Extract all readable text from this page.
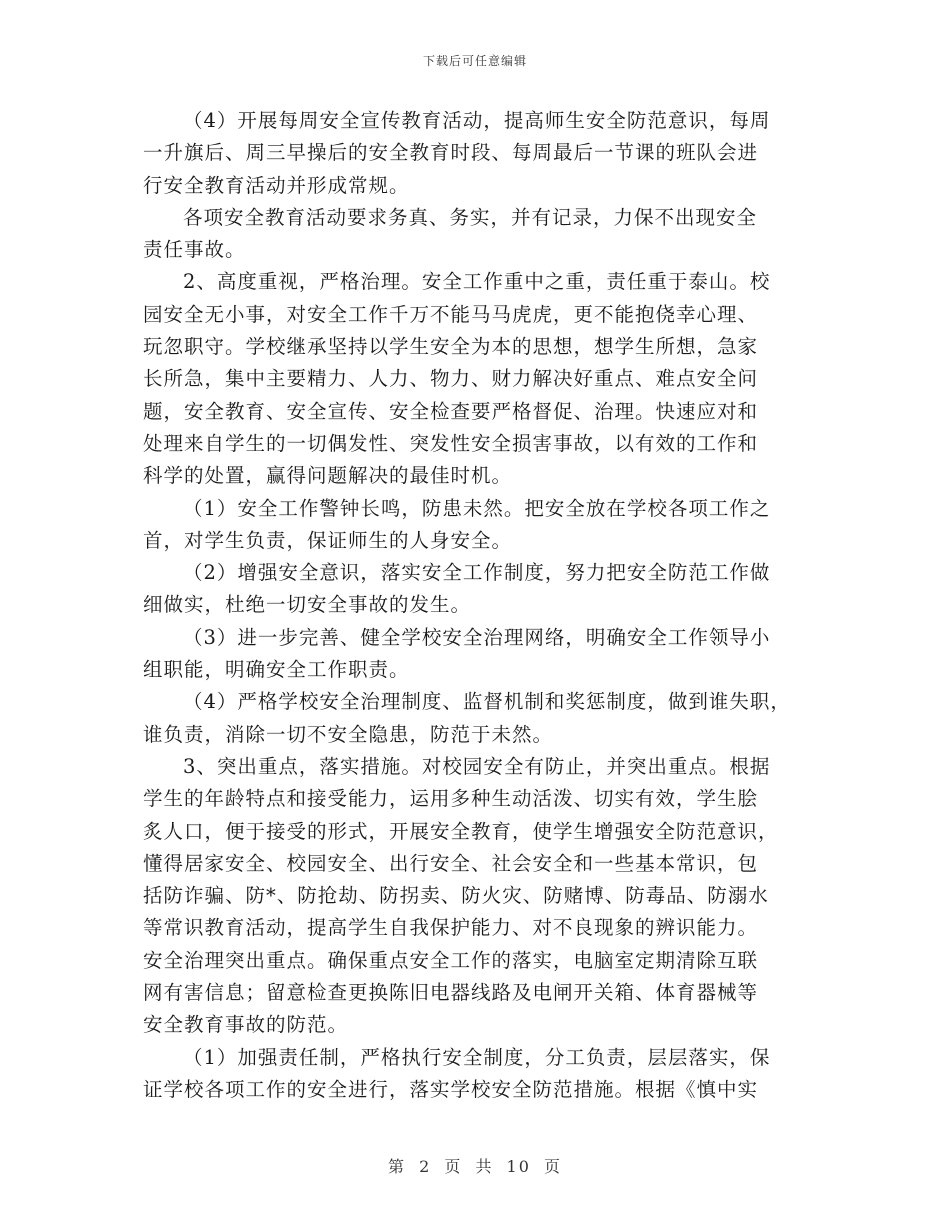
下载后可任意编辑
（4）开展每周安全宣传教育活动，提高师生安全防范意识，每周
一升旗后、周三早操后的安全教育时段、每周最后一节课的班队会进
行安全教育活动并形成常规。
各项安全教育活动要求务真、务实，并有记录，力保不出现安全
责任事故。
2、高度重视，严格治理。安全工作重中之重，责任重于泰山。校
园安全无小事，对安全工作千万不能马马虎虎，更不能抱侥幸心理、
玩忽职守。学校继承坚持以学生安全为本的思想，想学生所想，急家
长所急，集中主要精力、人力、物力、财力解决好重点、难点安全问
题，安全教育、安全宣传、安全检查要严格督促、治理。快速应对和
处理来自学生的一切偶发性、突发性安全损害事故，以有效的工作和
科学的处置，赢得问题解决的最佳时机。
（1）安全工作警钟长鸣，防患未然。把安全放在学校各项工作之
首，对学生负责，保证师生的人身安全。
（2）增强安全意识，落实安全工作制度，努力把安全防范工作做
细做实，杜绝一切安全事故的发生。
（3）进一步完善、健全学校安全治理网络，明确安全工作领导小
组职能，明确安全工作职责。
（4）严格学校安全治理制度、监督机制和奖惩制度，做到谁失职，
谁负责，消除一切不安全隐患，防范于未然。
3、突出重点，落实措施。对校园安全有防止，并突出重点。根据
学生的年龄特点和接受能力，运用多种生动活泼、切实有效，学生脍
炙人口，便于接受的形式，开展安全教育，使学生增强安全防范意识，
懂得居家安全、校园安全、出行安全、社会安全和一些基本常识，包
括防诈骗、防*、防抢劫、防拐卖、防火灾、防赌博、防毒品、防溺水
等常识教育活动，提高学生自我保护能力、对不良现象的辨识能力。
安全治理突出重点。确保重点安全工作的落实，电脑室定期清除互联
网有害信息；留意检查更换陈旧电器线路及电闸开关箱、体育器械等
安全教育事故的防范。
（1）加强责任制，严格执行安全制度，分工负责，层层落实，保
证学校各项工作的安全进行，落实学校安全防范措施。根据《慎中实
第 2 页 共 10 页
